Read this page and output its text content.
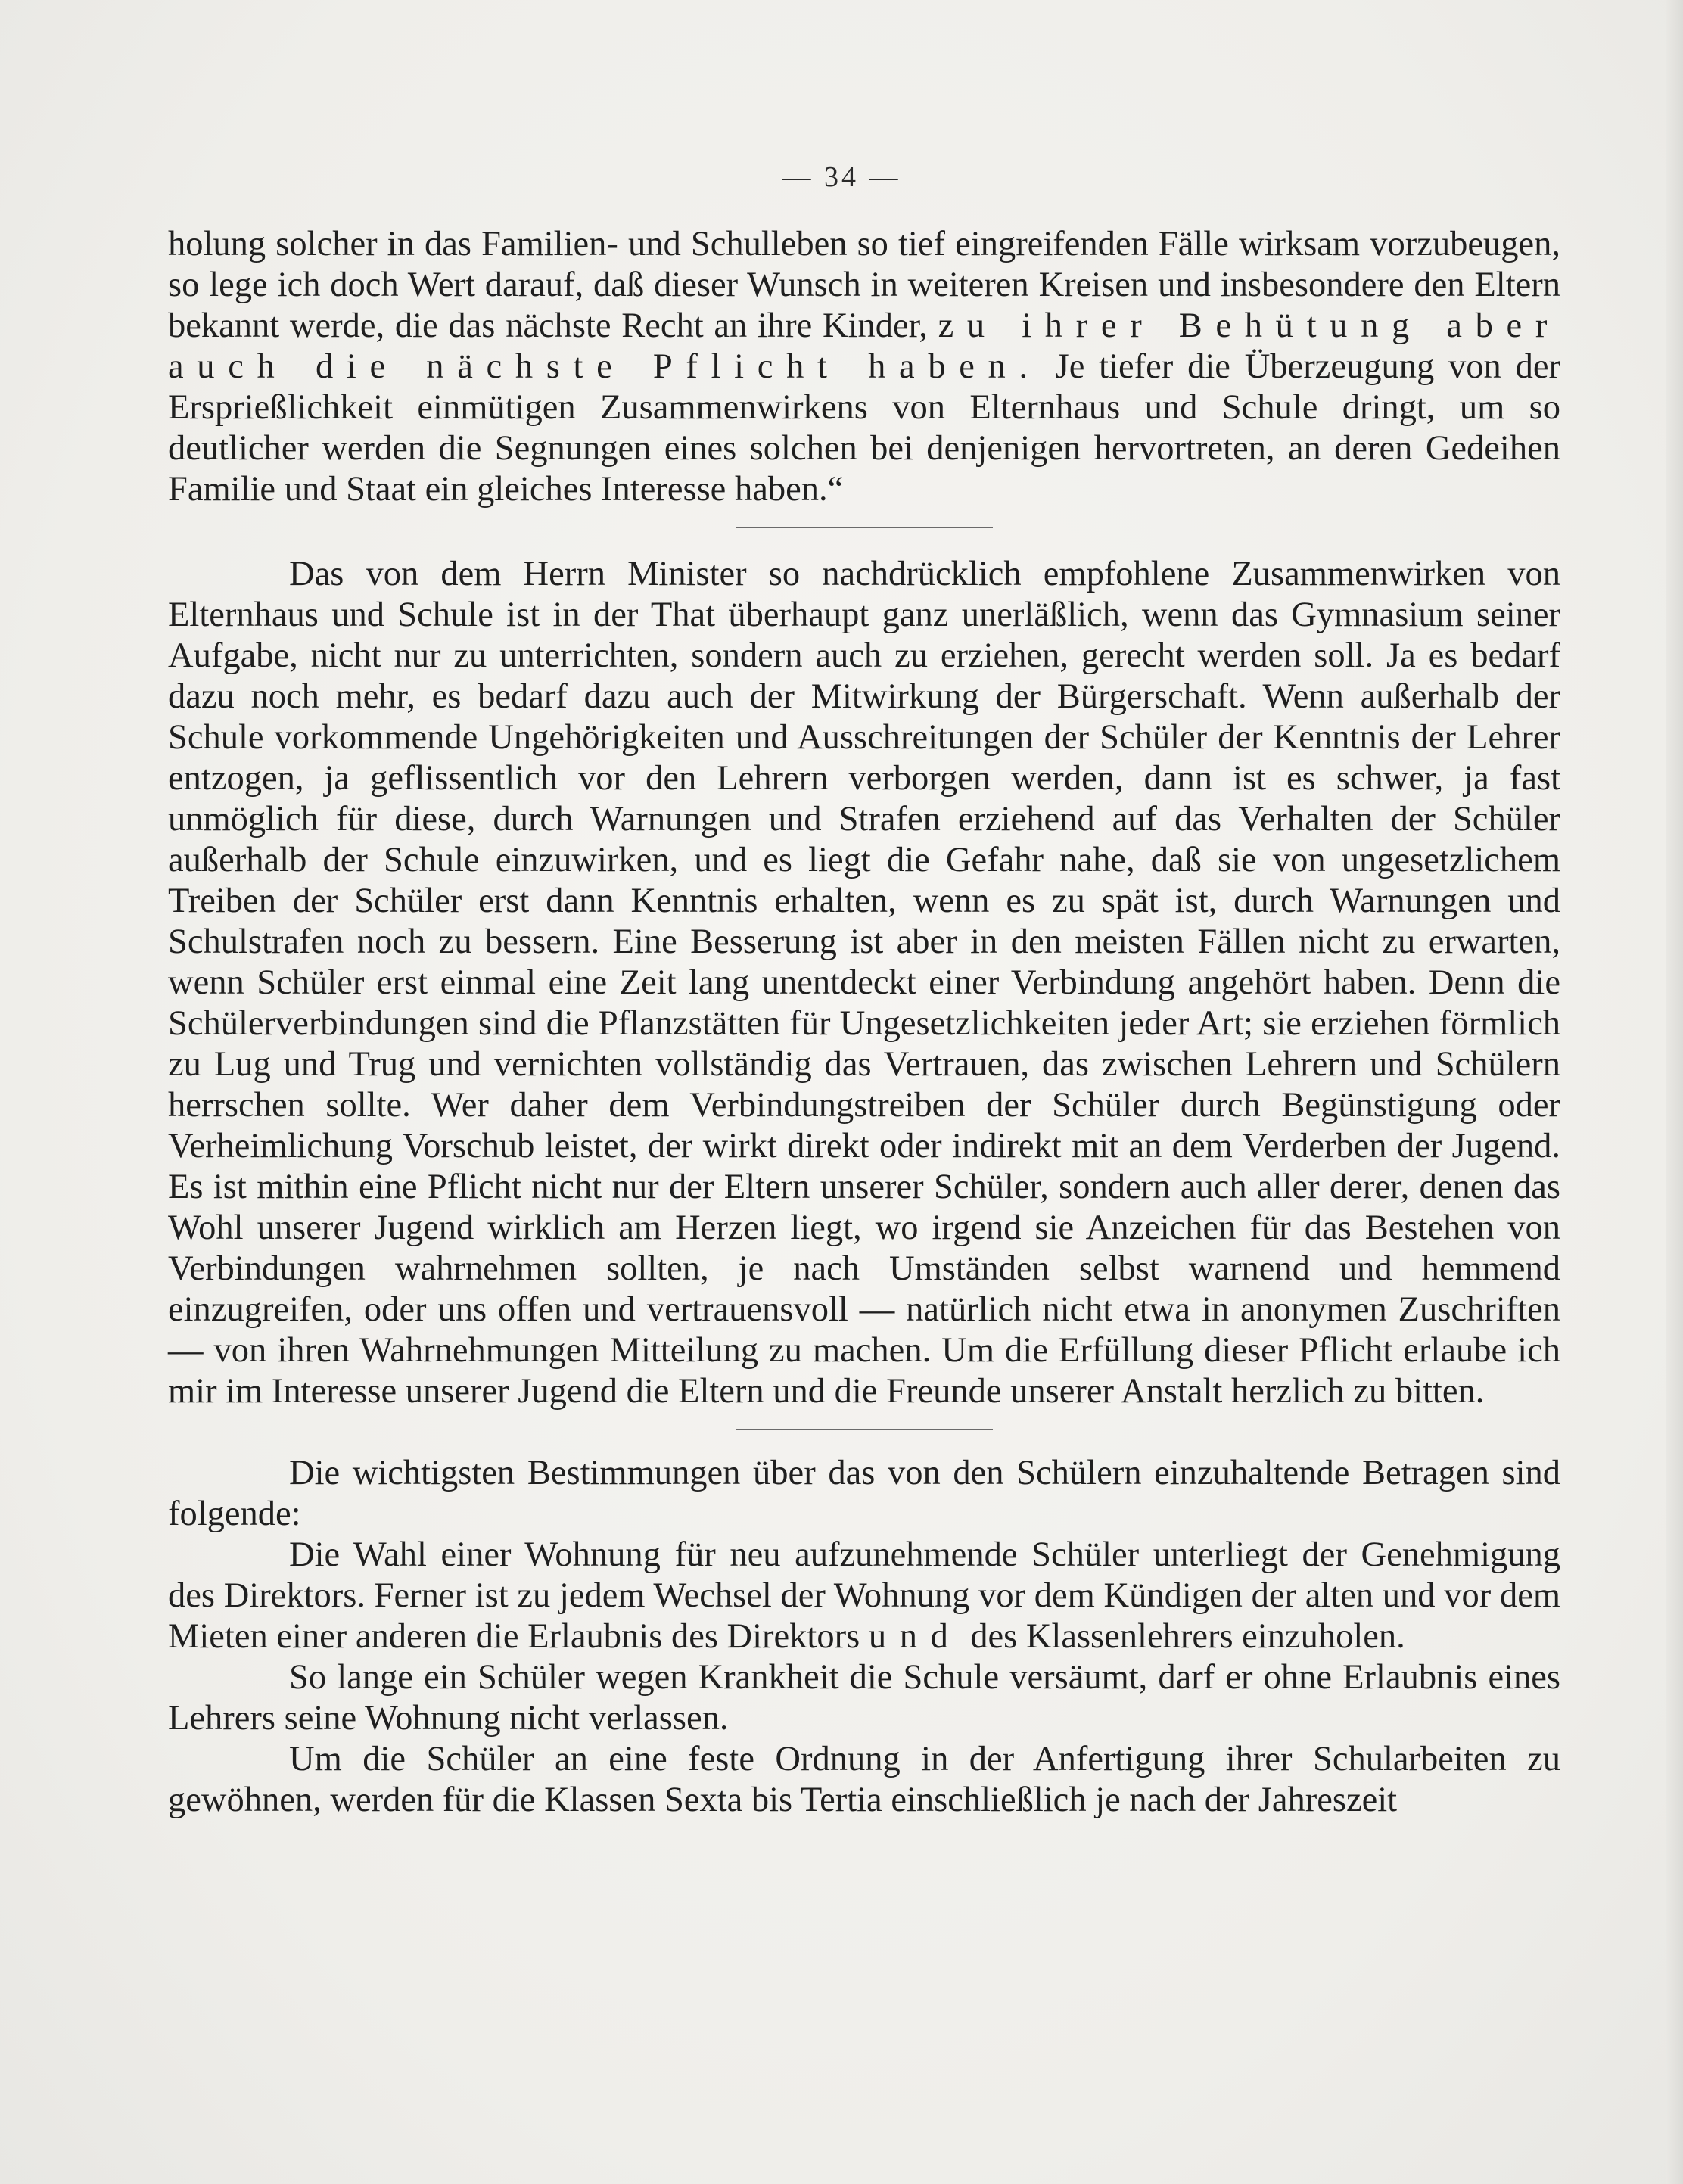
— 34 —

holung solcher in das Familien- und Schulleben so tief eingreifenden Fälle wirksam vorzubeugen, so lege ich doch Wert darauf, daß dieser Wunsch in weiteren Kreisen und insbesondere den Eltern bekannt werde, die das nächste Recht an ihre Kinder, zu ihrer Behütung aber auch die nächste Pflicht haben. Je tiefer die Überzeugung von der Ersprießlichkeit einmütigen Zusammenwirkens von Elternhaus und Schule dringt, um so deutlicher werden die Segnungen eines solchen bei denjenigen hervortreten, an deren Gedeihen Familie und Staat ein gleiches Interesse haben.“

Das von dem Herrn Minister so nachdrücklich empfohlene Zusammenwirken von Elternhaus und Schule ist in der That überhaupt ganz unerläßlich, wenn das Gymnasium seiner Aufgabe, nicht nur zu unterrichten, sondern auch zu erziehen, gerecht werden soll. Ja es bedarf dazu noch mehr, es bedarf dazu auch der Mitwirkung der Bürgerschaft. Wenn außerhalb der Schule vorkommende Ungehörigkeiten und Ausschreitungen der Schüler der Kenntnis der Lehrer entzogen, ja geflissentlich vor den Lehrern verborgen werden, dann ist es schwer, ja fast unmöglich für diese, durch Warnungen und Strafen erziehend auf das Verhalten der Schüler außerhalb der Schule einzuwirken, und es liegt die Gefahr nahe, daß sie von ungesetzlichem Treiben der Schüler erst dann Kenntnis erhalten, wenn es zu spät ist, durch Warnungen und Schulstrafen noch zu bessern. Eine Besserung ist aber in den meisten Fällen nicht zu erwarten, wenn Schüler erst einmal eine Zeit lang unentdeckt einer Verbindung angehört haben. Denn die Schülerverbindungen sind die Pflanzstätten für Ungesetzlichkeiten jeder Art; sie erziehen förmlich zu Lug und Trug und vernichten vollständig das Vertrauen, das zwischen Lehrern und Schülern herrschen sollte. Wer daher dem Verbindungstreiben der Schüler durch Begünstigung oder Verheimlichung Vorschub leistet, der wirkt direkt oder indirekt mit an dem Verderben der Jugend. Es ist mithin eine Pflicht nicht nur der Eltern unserer Schüler, sondern auch aller derer, denen das Wohl unserer Jugend wirklich am Herzen liegt, wo irgend sie Anzeichen für das Bestehen von Verbindungen wahrnehmen sollten, je nach Umständen selbst warnend und hemmend einzugreifen, oder uns offen und vertrauensvoll — natürlich nicht etwa in anonymen Zuschriften — von ihren Wahrnehmungen Mitteilung zu machen. Um die Erfüllung dieser Pflicht erlaube ich mir im Interesse unserer Jugend die Eltern und die Freunde unserer Anstalt herzlich zu bitten.

Die wichtigsten Bestimmungen über das von den Schülern einzuhaltende Betragen sind folgende:

Die Wahl einer Wohnung für neu aufzunehmende Schüler unterliegt der Genehmigung des Direktors. Ferner ist zu jedem Wechsel der Wohnung vor dem Kündigen der alten und vor dem Mieten einer anderen die Erlaubnis des Direktors und des Klassenlehrers einzuholen.

So lange ein Schüler wegen Krankheit die Schule versäumt, darf er ohne Erlaubnis eines Lehrers seine Wohnung nicht verlassen.

Um die Schüler an eine feste Ordnung in der Anfertigung ihrer Schularbeiten zu gewöhnen, werden für die Klassen Sexta bis Tertia einschließlich je nach der Jahreszeit
